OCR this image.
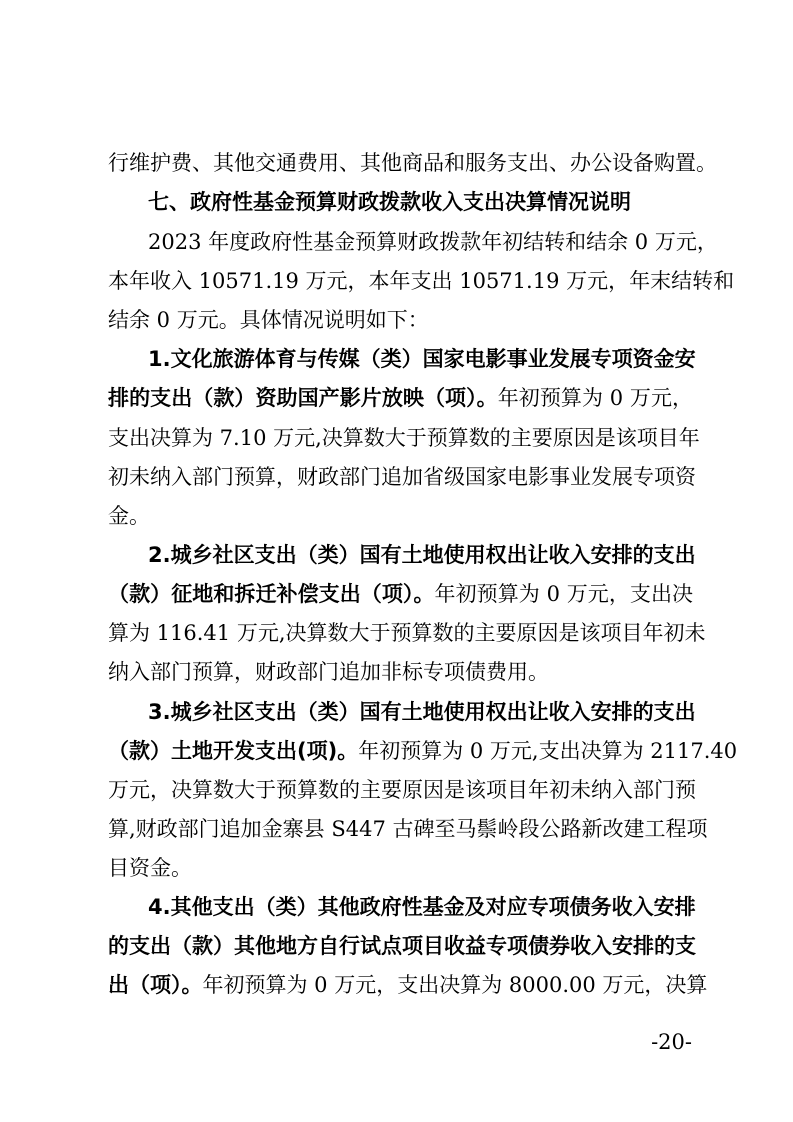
行维护费、其他交通费用、其他商品和服务支出、办公设备购置。
七、政府性基金预算财政拨款收入支出决算情况说明
2023 年度政府性基金预算财政拨款年初结转和结余 0 万元，
本年收入 10571.19 万元，本年支出 10571.19 万元，年末结转和
结余 0 万元。具体情况说明如下：
1.文化旅游体育与传媒（类）国家电影事业发展专项资金安
排的支出（款）资助国产影片放映（项）。年初预算为 0 万元，
支出决算为 7.10 万元,决算数大于预算数的主要原因是该项目年
初未纳入部门预算，财政部门追加省级国家电影事业发展专项资
金。
2.城乡社区支出（类）国有土地使用权出让收入安排的支出
（款）征地和拆迁补偿支出（项）。年初预算为 0 万元，支出决
算为 116.41 万元,决算数大于预算数的主要原因是该项目年初未
纳入部门预算，财政部门追加非标专项债费用。
3.城乡社区支出（类）国有土地使用权出让收入安排的支出
（款）土地开发支出(项)。年初预算为 0 万元,支出决算为 2117.40
万元，决算数大于预算数的主要原因是该项目年初未纳入部门预
算,财政部门追加金寨县 S447 古碑至马鬃岭段公路新改建工程项
目资金。
4.其他支出（类）其他政府性基金及对应专项债务收入安排
的支出（款）其他地方自行试点项目收益专项债券收入安排的支
出（项）。年初预算为 0 万元，支出决算为 8000.00 万元，决算
-20-
